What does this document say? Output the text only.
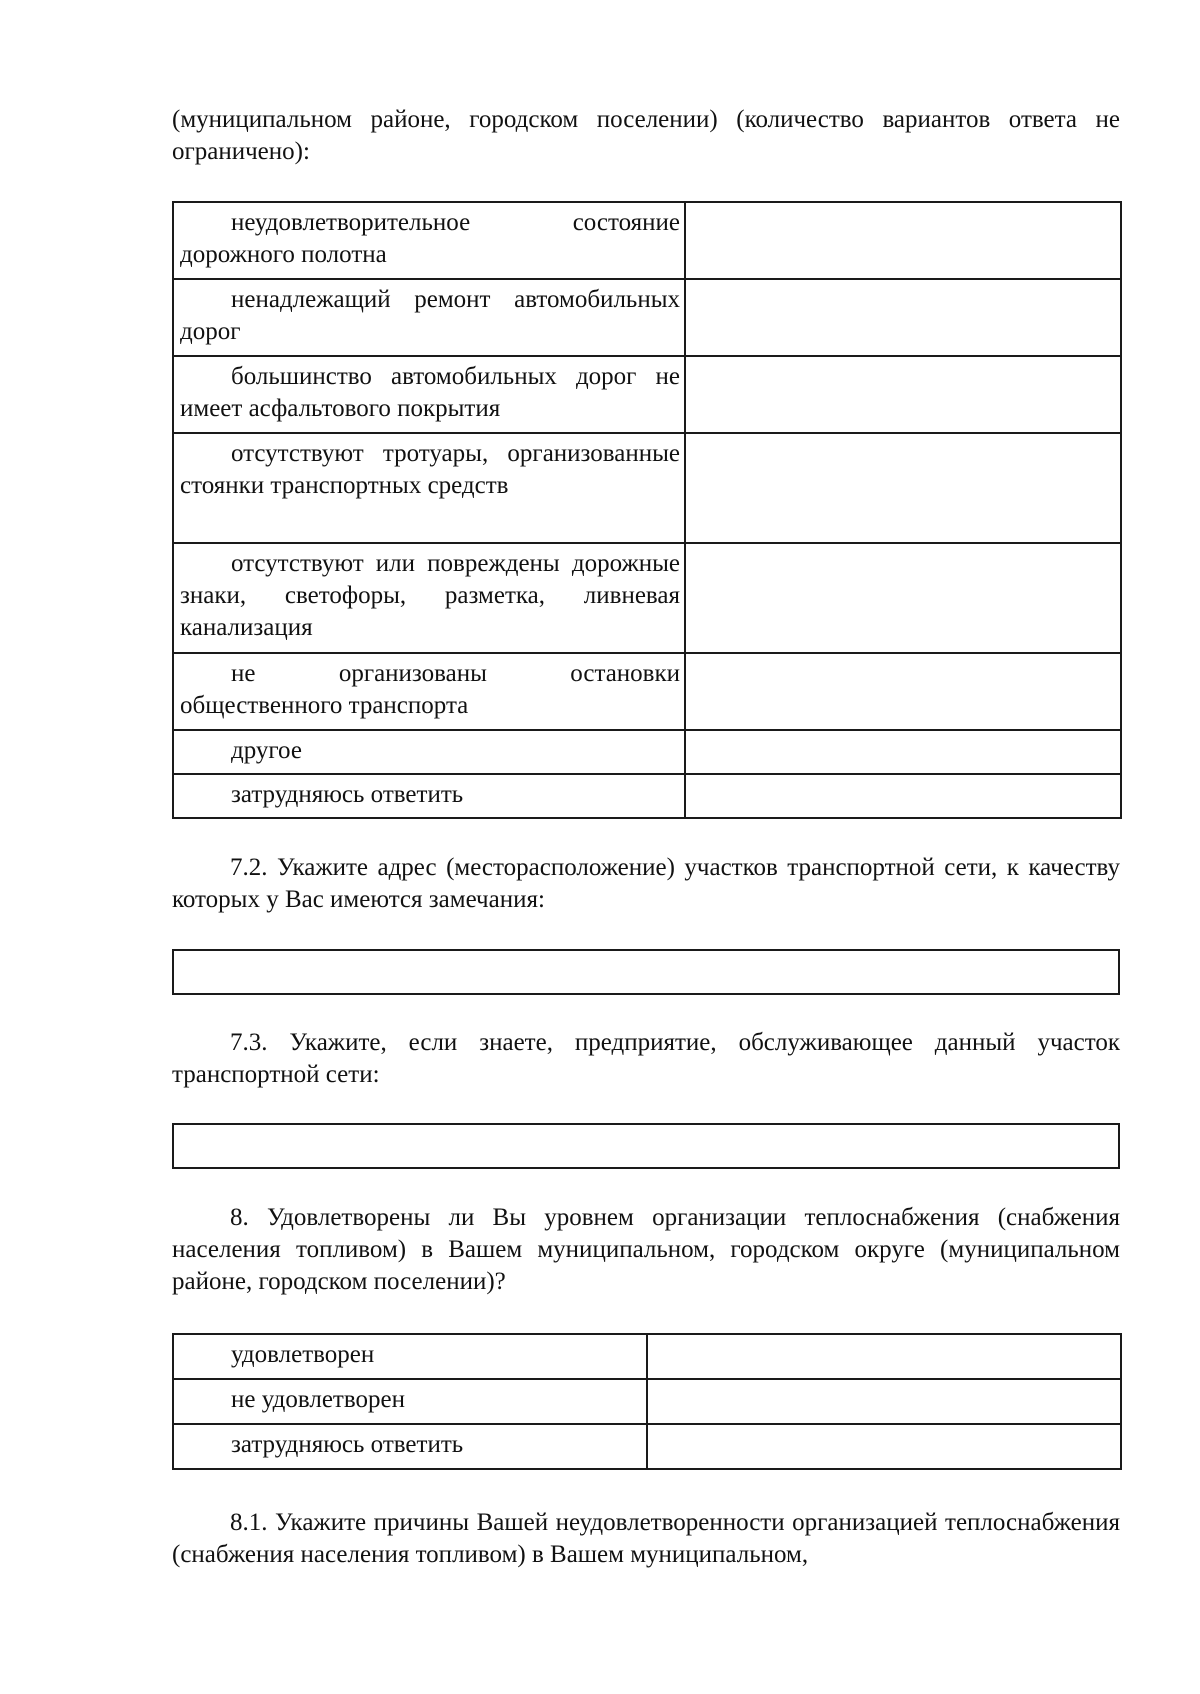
(муниципальном районе, городском поселении) (количество вариантов ответа не ограничено):
неудовлетворительное состояние дорожного полотна	
ненадлежащий ремонт автомобильных дорог	
большинство автомобильных дорог не имеет асфальтового покрытия	
отсутствуют тротуары, организованные стоянки транспортных средств	
отсутствуют или повреждены дорожные знаки, светофоры, разметка, ливневая канализация	
не организованы остановки общественного транспорта	
другое	
затрудняюсь ответить	
7.2. Укажите адрес (месторасположение) участков транспортной сети, к качеству которых у Вас имеются замечания:
7.3. Укажите, если знаете, предприятие, обслуживающее данный участок транспортной сети:
8. Удовлетворены ли Вы уровнем организации теплоснабжения (снабжения населения топливом) в Вашем муниципальном, городском округе (муниципальном районе, городском поселении)?
удовлетворен	
не удовлетворен	
затрудняюсь ответить	
8.1. Укажите причины Вашей неудовлетворенности организацией теплоснабжения (снабжения населения топливом) в Вашем муниципальном,
